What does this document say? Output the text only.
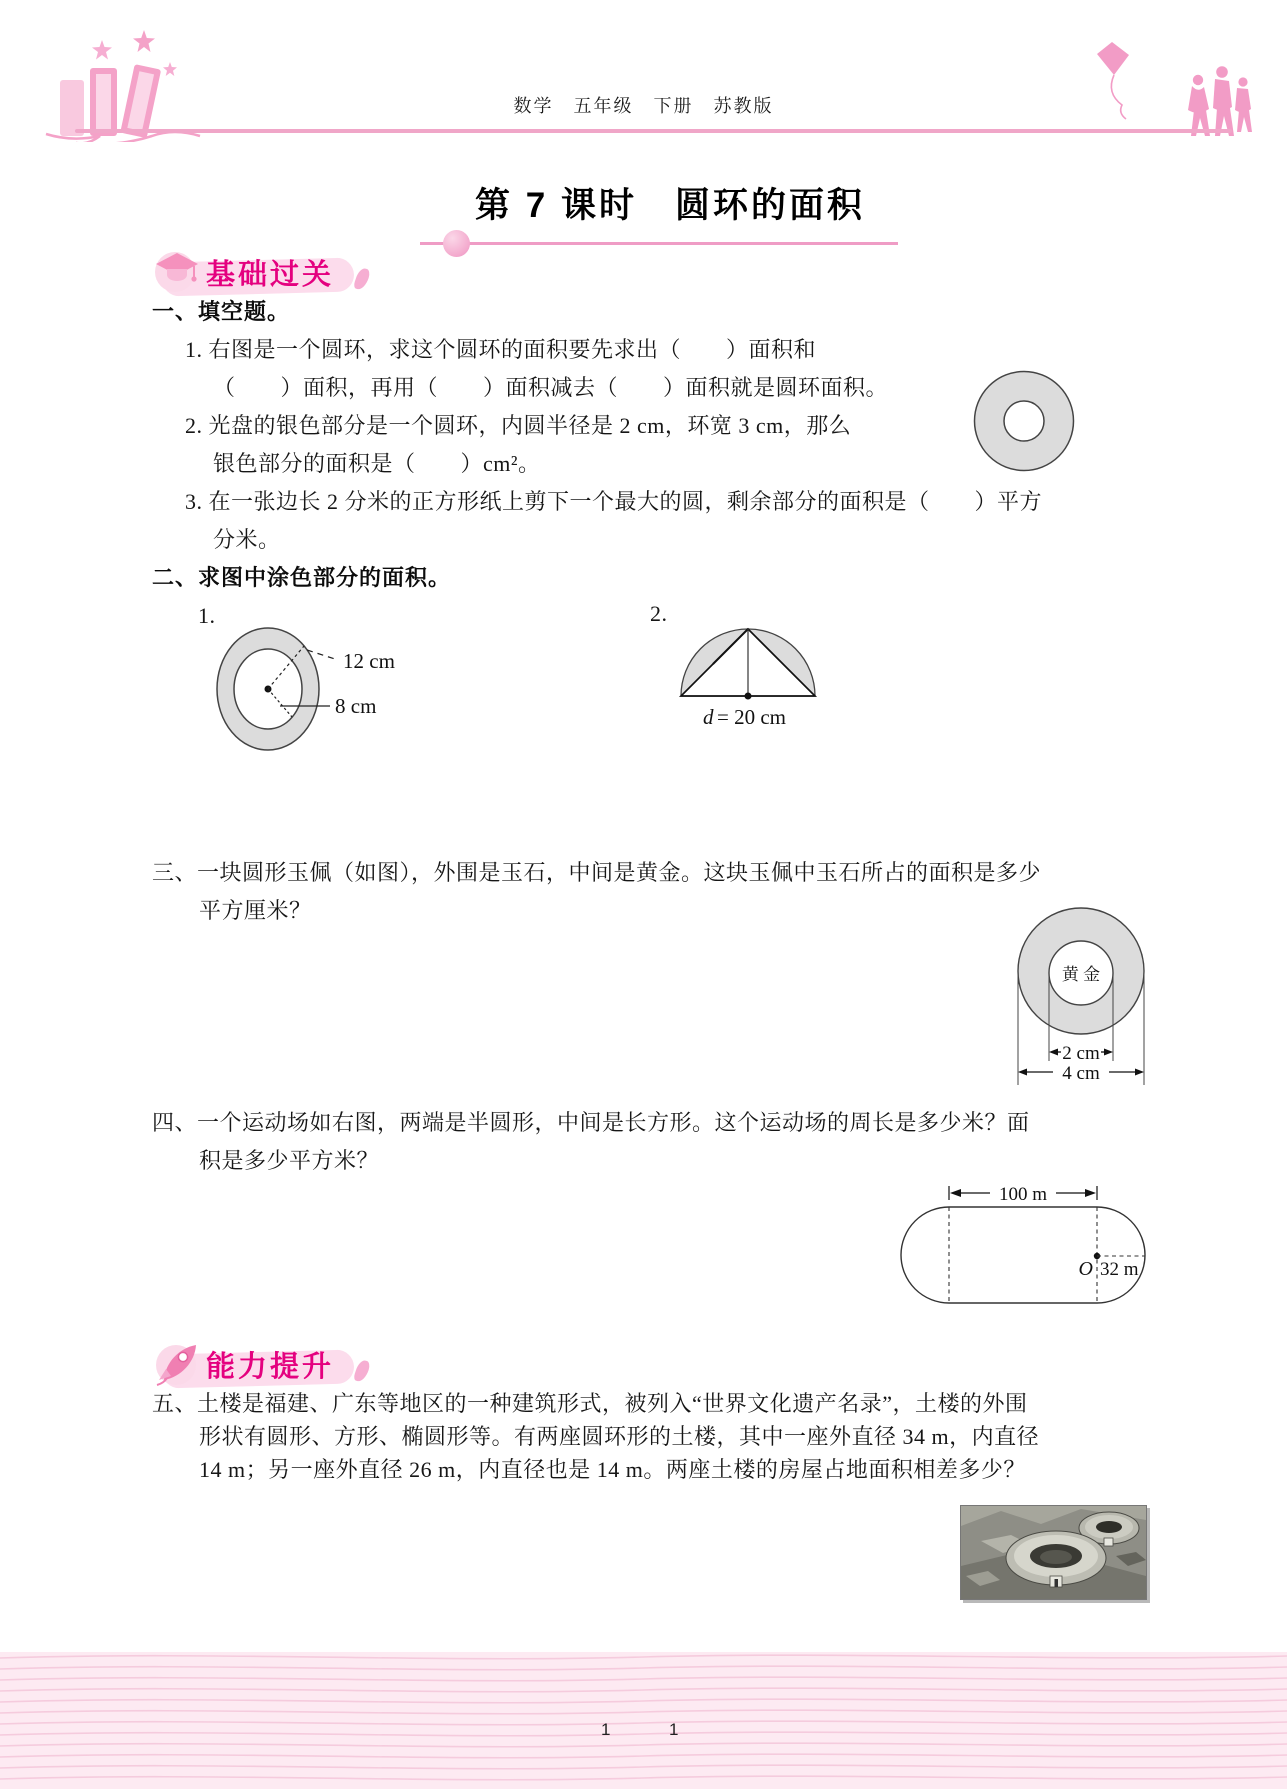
数学　五年级　下册　苏教版
第 7 课时　圆环的面积
基础过关
一、填空题。
1. 右图是一个圆环，求这个圆环的面积要先求出（　　）面积和
（　　）面积，再用（　　）面积减去（　　）面积就是圆环面积。
2. 光盘的银色部分是一个圆环，内圆半径是 2 cm，环宽 3 cm，那么
银色部分的面积是（　　）cm²。
3. 在一张边长 2 分米的正方形纸上剪下一个最大的圆，剩余部分的面积是（　　）平方
分米。
二、求图中涂色部分的面积。
1.	2.
12 cm
8 cm	d = 20 cm
三、一块圆形玉佩（如图），外围是玉石，中间是黄金。这块玉佩中玉石所占的面积是多少
平方厘米？
黄 金
2 cm
4 cm
四、一个运动场如右图，两端是半圆形，中间是长方形。这个运动场的周长是多少米？面
积是多少平方米？
100 m
O 32 m
能力提升
五、土楼是福建、广东等地区的一种建筑形式，被列入“世界文化遗产名录”，土楼的外围
形状有圆形、方形、椭圆形等。有两座圆环形的土楼，其中一座外直径 34 m，内直径
14 m；另一座外直径 26 m，内直径也是 14 m。两座土楼的房屋占地面积相差多少？
1	1
